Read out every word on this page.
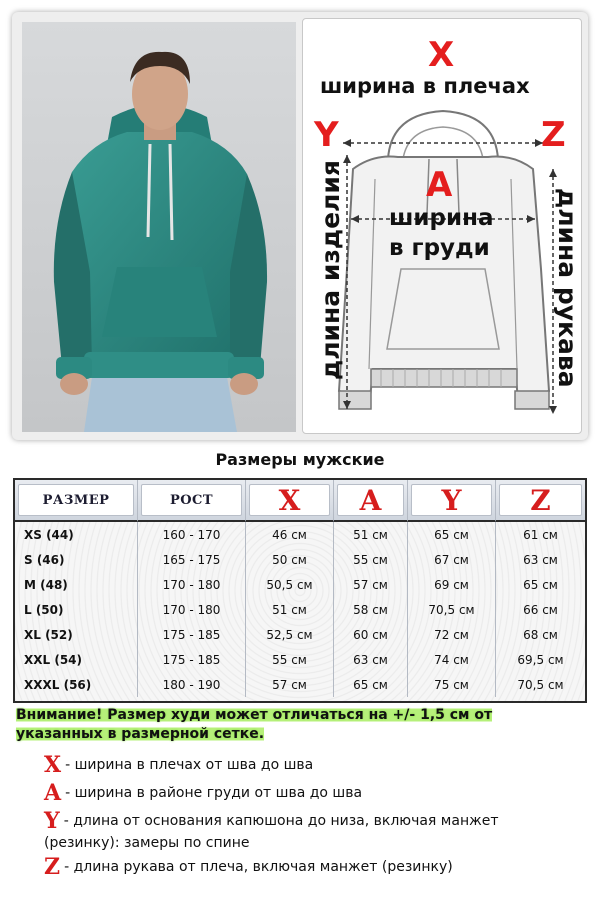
X
ширина в плечах
Y	Z
A
ширина
в груди
длина изделия	длина рукава
Размеры мужские
РАЗМЕР	РОСТ	X	A	Y	Z

XS (44)	160 - 170	46 см	51 см	65 см	61 см
S (46)	165 - 175	50 см	55 см	67 см	63 см
M (48)	170 - 180	50,5 см	57 см	69 см	65 см
L (50)	170 - 180	51 см	58 см	70,5 см	66 см
XL (52)	175 - 185	52,5 см	60 см	72 см	68 см
XXL (54)	175 - 185	55 см	63 см	74 см	69,5 см
XXXL (56)	180 - 190	57 см	65 см	75 см	70,5 см
Внимание! Размер худи может отличаться на +/- 1,5 см от
указанных в размерной сетке.
X - ширина в плечах от шва до шва
A - ширина в районе груди от шва до шва
Y - длина от основания капюшона до низа, включая манжет (резинку): замеры по спине
Z - длина рукава от плеча, включая манжет (резинку)
